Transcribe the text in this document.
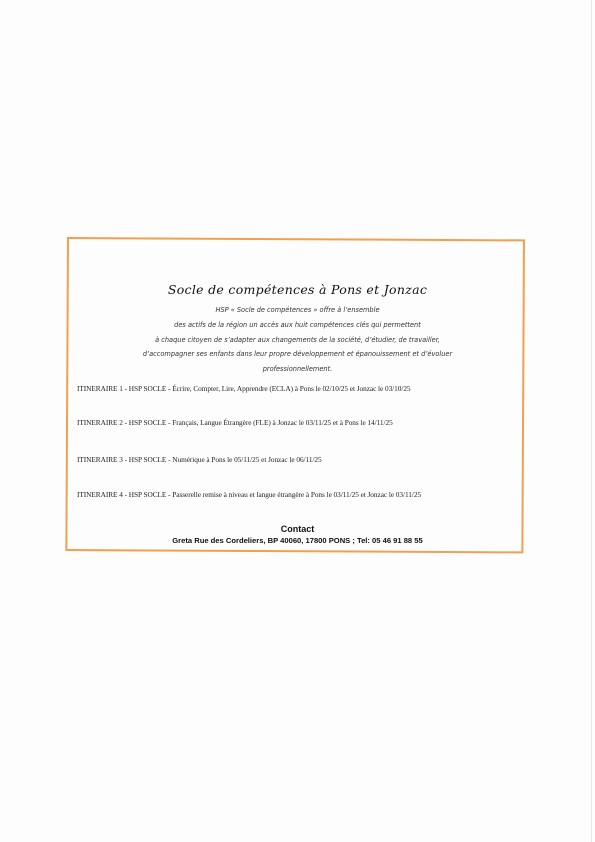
Socle de compétences à Pons et Jonzac
HSP « Socle de compétences » offre à l’ensemble
des actifs de la région un accès aux huit compétences clés qui permettent
à chaque citoyen de s’adapter aux changements de la société, d’étudier, de travailler,
d’accompagner ses enfants dans leur propre développement et épanouissement et d’évoluer
professionnellement.
ITINERAIRE 1 - HSP SOCLE - Écrire, Compter, Lire, Apprendre (ECLA) à Pons le 02/10/25 et Jonzac le 03/10/25
ITINERAIRE 2 - HSP SOCLE - Français, Langue Étrangère (FLE) à Jonzac le 03/11/25 et à Pons le 14/11/25
ITINERAIRE 3 - HSP SOCLE - Numérique à Pons le 05/11/25 et Jonzac le 06/11/25
ITINERAIRE 4 - HSP SOCLE - Passerelle remise à niveau et langue étrangère à Pons le 03/11/25 et Jonzac le 03/11/25
Contact
Greta Rue des Cordeliers, BP 40060, 17800 PONS ; Tel: 05 46 91 88 55
